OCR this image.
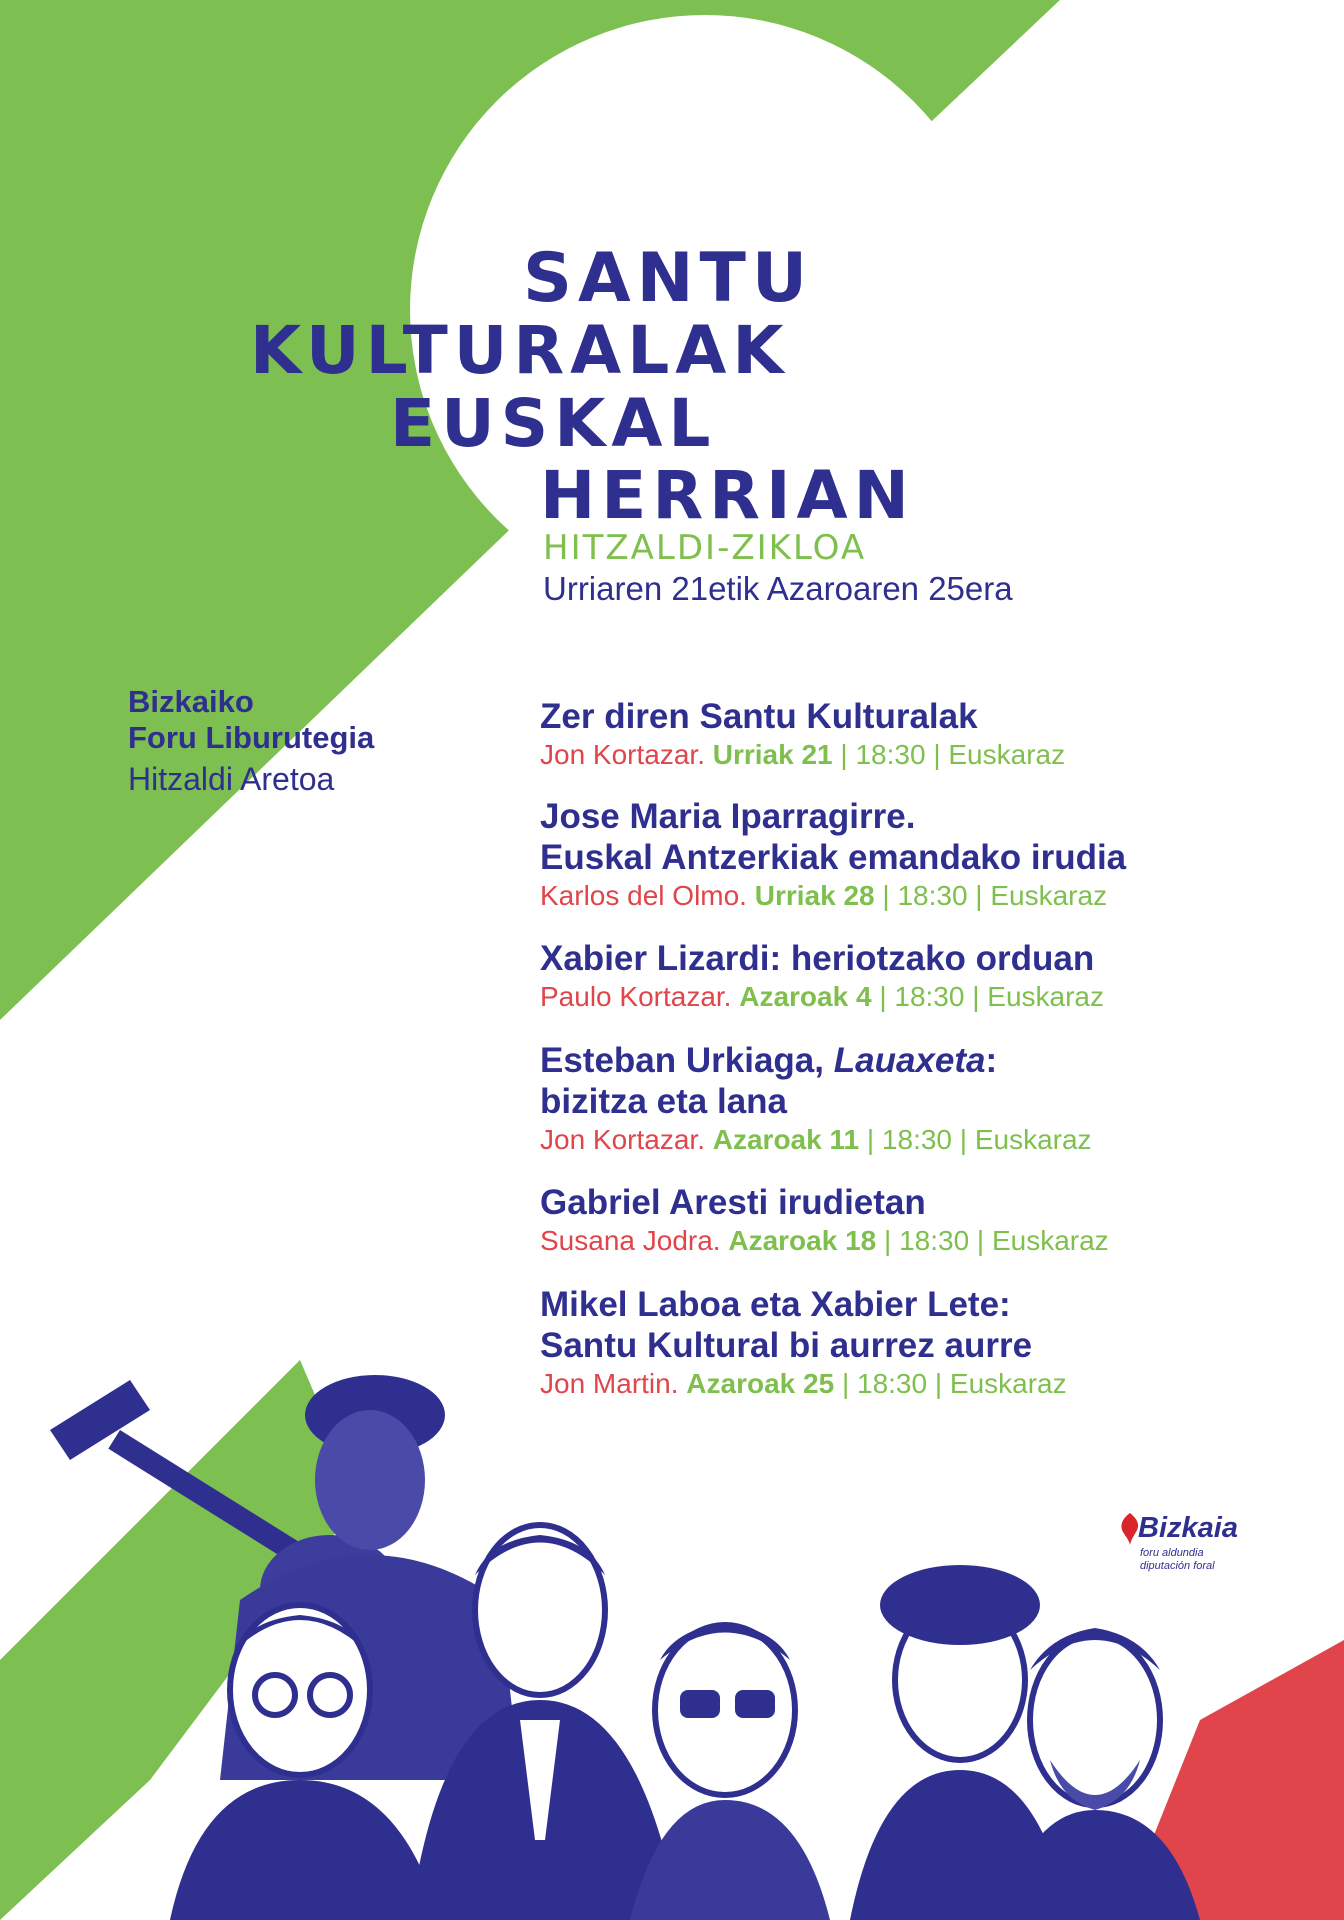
SANTU
KULTURALAK
EUSKAL
HERRIAN
HITZALDI-ZIKLOA
Urriaren 21etik Azaroaren 25era
Bizkaiko
Foru Liburutegia
Hitzaldi Aretoa
Zer diren Santu Kulturalak
Jon Kortazar. Urriak 21 | 18:30 | Euskaraz
Jose Maria Iparragirre.
Euskal Antzerkiak emandako irudia
Karlos del Olmo. Urriak 28 | 18:30 | Euskaraz
Xabier Lizardi: heriotzako orduan
Paulo Kortazar. Azaroak 4 | 18:30 | Euskaraz
Esteban Urkiaga, Lauaxeta:
bizitza eta lana
Jon Kortazar. Azaroak 11 | 18:30 | Euskaraz
Gabriel Aresti irudietan
Susana Jodra. Azaroak 18 | 18:30 | Euskaraz
Mikel Laboa eta Xabier Lete:
Santu Kultural bi aurrez aurre
Jon Martin. Azaroak 25 | 18:30 | Euskaraz
Bizkaia
foru aldundia
diputación foral
